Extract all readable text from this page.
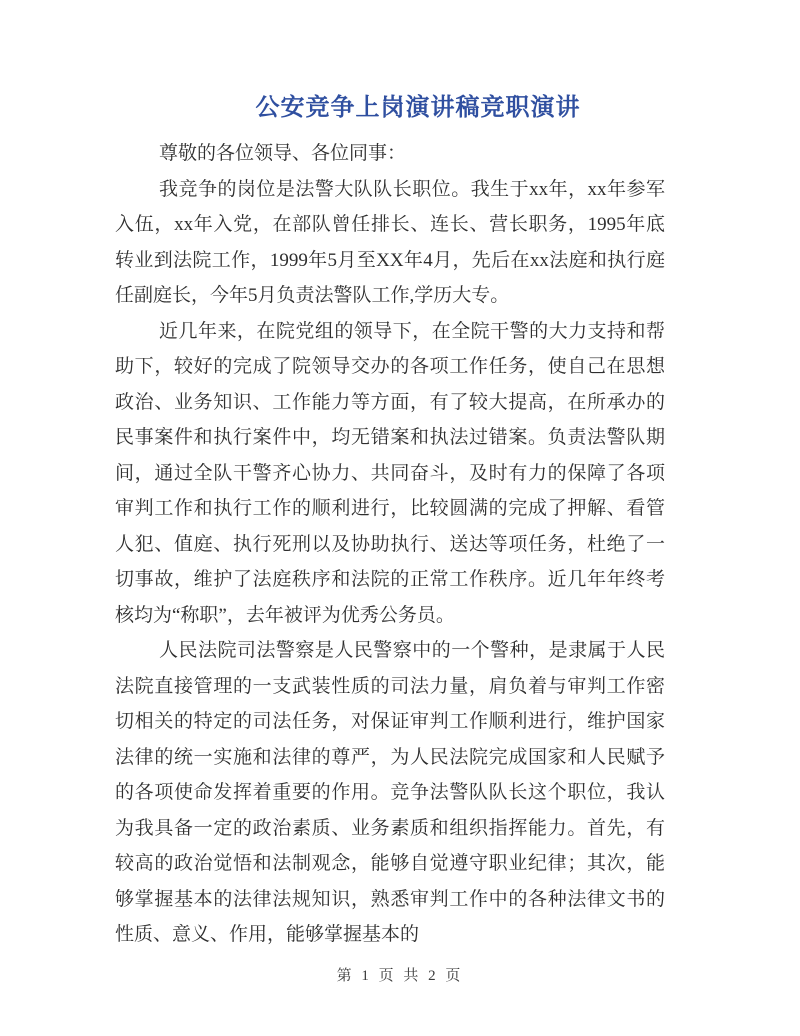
公安竞争上岗演讲稿竞职演讲

尊敬的各位领导、各位同事：

我竞争的岗位是法警大队队长职位。我生于xx年，xx年参军入伍，xx年入党，在部队曾任排长、连长、营长职务，1995年底转业到法院工作，1999年5月至XX年4月，先后在xx法庭和执行庭任副庭长，今年5月负责法警队工作,学历大专。

近几年来，在院党组的领导下，在全院干警的大力支持和帮助下，较好的完成了院领导交办的各项工作任务，使自己在思想政治、业务知识、工作能力等方面，有了较大提高，在所承办的民事案件和执行案件中，均无错案和执法过错案。负责法警队期间，通过全队干警齐心协力、共同奋斗，及时有力的保障了各项审判工作和执行工作的顺利进行，比较圆满的完成了押解、看管人犯、值庭、执行死刑以及协助执行、送达等项任务，杜绝了一切事故，维护了法庭秩序和法院的正常工作秩序。近几年年终考核均为“称职”，去年被评为优秀公务员。

人民法院司法警察是人民警察中的一个警种，是隶属于人民法院直接管理的一支武装性质的司法力量，肩负着与审判工作密切相关的特定的司法任务，对保证审判工作顺利进行，维护国家法律的统一实施和法律的尊严，为人民法院完成国家和人民赋予的各项使命发挥着重要的作用。竞争法警队队长这个职位，我认为我具备一定的政治素质、业务素质和组织指挥能力。首先，有较高的政治觉悟和法制观念，能够自觉遵守职业纪律；其次，能够掌握基本的法律法规知识，熟悉审判工作中的各种法律文书的性质、意义、作用，能够掌握基本的

第 1 页 共 2 页
